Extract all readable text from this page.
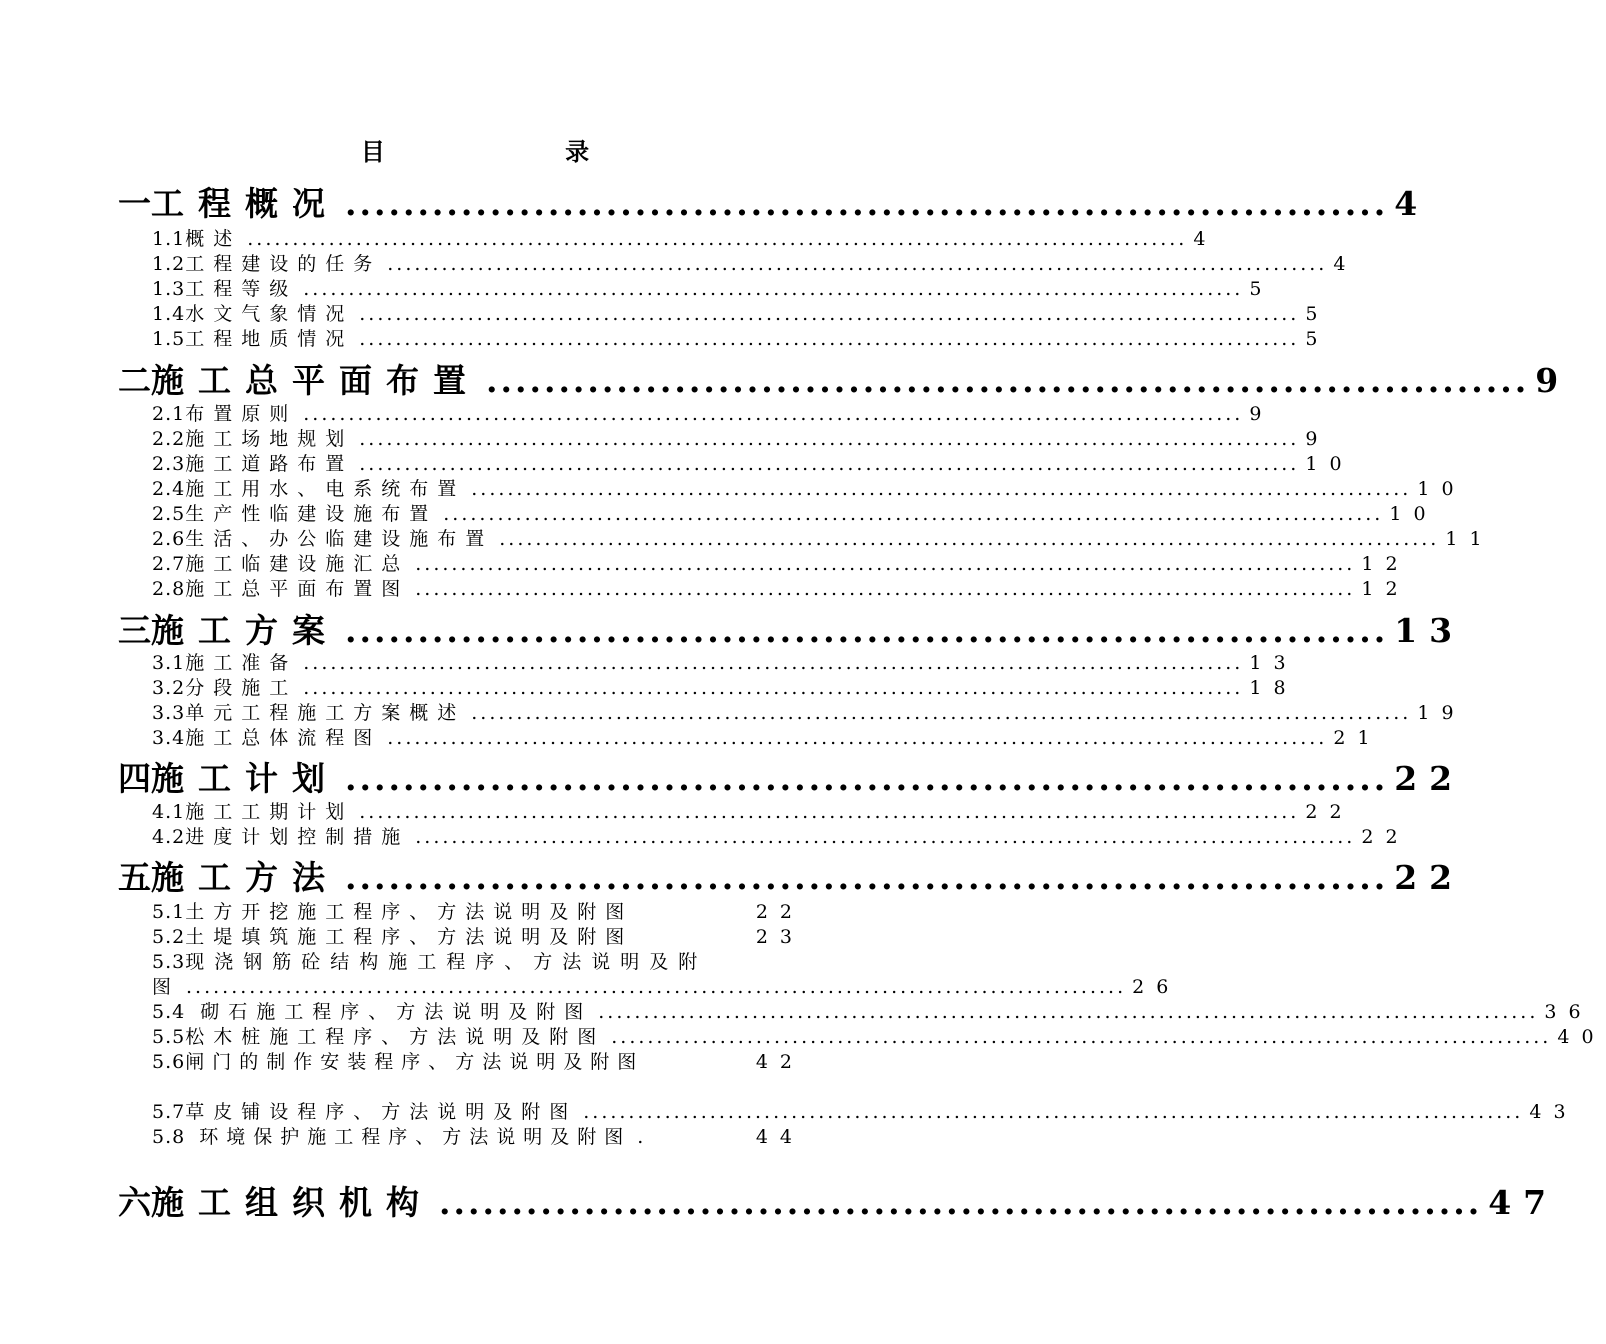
目 录
一 工程概况 ........................................................................ 4
1.1 概述 ........................................................................................................ 4
1.2 工程建设的任务 ........................................................................................................ 4
1.3 工程等级 ........................................................................................................ 5
1.4 水文气象情况 ........................................................................................................ 5
1.5 工程地质情况 ........................................................................................................ 5
二 施工总平面布置 ........................................................................ 9
2.1 布置原则 ........................................................................................................ 9
2.2 施工场地规划 ........................................................................................................ 9
2.3 施工道路布置 ........................................................................................................ 10
2.4 施工用水、电系统布置 ........................................................................................................ 10
2.5 生产性临建设施布置 ........................................................................................................ 10
2.6 生活、办公临建设施布置 ........................................................................................................ 11
2.7 施工临建设施汇总 ........................................................................................................ 12
2.8 施工总平面布置图 ........................................................................................................ 12
三 施工方案 ........................................................................ 13
3.1 施工准备 ........................................................................................................ 13
3.2 分段施工 ........................................................................................................ 18
3.3 单元工程施工方案概述 ........................................................................................................ 19
3.4 施工总体流程图 ........................................................................................................ 21
四 施工计划 ........................................................................ 22
4.1 施工工期计划 ........................................................................................................ 22
4.2 进度计划控制措施 ........................................................................................................ 22
五 施工方法 ........................................................................ 22
5.1 土方开挖施工程序、方法说明及附图	22
5.2 土堤填筑施工程序、方法说明及附图	23
5.3 现浇钢筋砼结构施工程序、方法说明及附
图 ........................................................................................................ 26
5.4 砌石施工程序、方法说明及附图 ........................................................................................................ 36
5.5 松木桩施工程序、方法说明及附图 ........................................................................................................ 40
5.6 闸门的制作安装程序、方法说明及附图	42
5.7 草皮铺设程序、方法说明及附图 ........................................................................................................ 43
5.8 环境保护施工程序、方法说明及附图 .	44
六 施工组织机构 ........................................................................ 47
